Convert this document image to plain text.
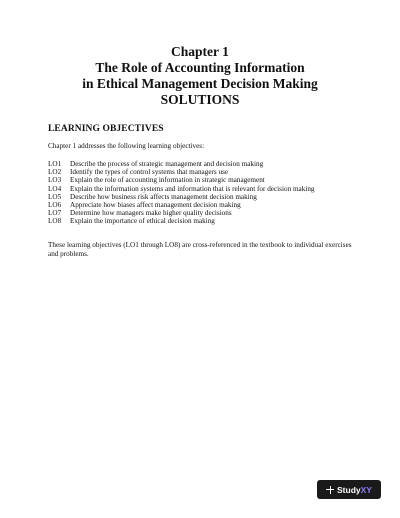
Chapter 1
The Role of Accounting Information
in Ethical Management Decision Making
SOLUTIONS
LEARNING OBJECTIVES
Chapter 1 addresses the following learning objectives:
LO1	Describe the process of strategic management and decision making
LO2	Identify the types of control systems that managers use
LO3	Explain the role of accounting information in strategic management
LO4	Explain the information systems and information that is relevant for decision making
LO5	Describe how business risk affects management decision making
LO6	Appreciate how biases affect management decision making
LO7	Determine how managers make higher quality decisions
LO8	Explain the importance of ethical decision making
These learning objectives (LO1 through LO8) are cross-referenced in the textbook to individual exercises and problems.
StudyXY
